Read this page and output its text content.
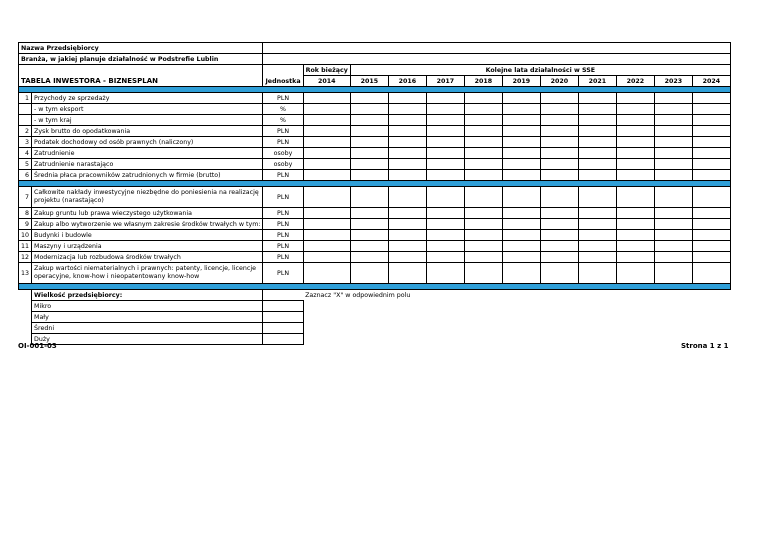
Nazwa Przedsiębiorcy													
Branża, w jakiej planuje działalność w Podstrefie Lublin													
TABELA INWESTORA - BIZNESPLAN		Jednostka	Rok bieżący	Kolejne lata działalności w SSE									
			2014	2015	2016	2017	2018	2019	2020	2021	2022	2023	2024

1	Przychody ze sprzedaży	PLN											
	- w tym eksport	%											
	- w tym kraj	%											
2	Zysk brutto do opodatkowania	PLN											
3	Podatek dochodowy od osób prawnych (naliczony)	PLN											
4	Zatrudnienie	osoby											
5	Zatrudnienie narastająco	osoby											
6	Średnia płaca pracowników zatrudnionych w firmie (brutto)	PLN											

7	Całkowite nakłady inwestycyjne niezbędne do poniesienia na realizację projektu (narastająco)	PLN											
8	Zakup gruntu lub prawa wieczystego użytkowania	PLN											
9	Zakup albo wytworzenie we własnym zakresie środków trwałych w tym:	PLN											
10	Budynki i budowle	PLN											
11	Maszyny i urządzenia	PLN											
12	Modernizacja lub rozbudowa środków trwałych	PLN											
13	Zakup wartości niematerialnych i prawnych: patenty, licencje, licencje operacyjne, know-how i nieopatentowany know-how	PLN											

	Wielkość przedsiębiorcy:		Zaznacz "X" w odpowiednim polu										
	Mikro												
	Mały												
	Średni												
	Duży												
OI-001-03	Strona 1 z 1
